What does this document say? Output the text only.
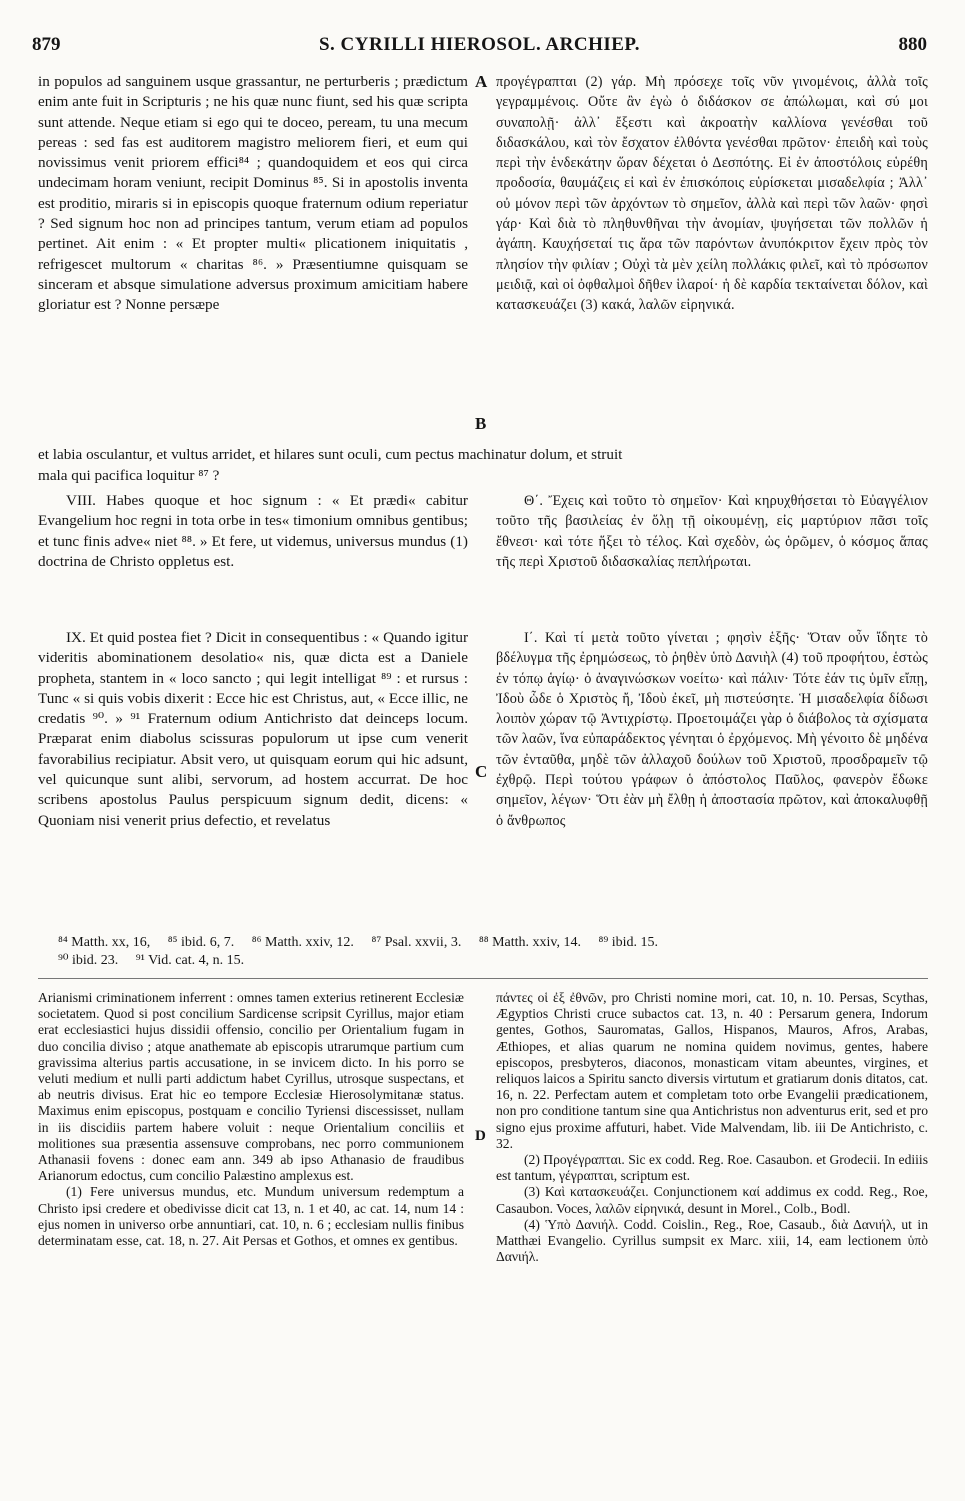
879	S. CYRILLI HIEROSOL. ARCHIEP.	880

in populos ad sanguinem usque grassantur, ne perturberis ; prædictum enim ante fuit in Scripturis ; ne his quæ nunc fiunt, sed his quæ scripta sunt attende. Neque etiam si ego qui te doceo, peream, tu una mecum pereas : sed fas est auditorem magistro meliorem fieri, et eum qui novissimus venit priorem effici⁸⁴ ; quandoquidem et eos qui circa undecimam horam veniunt, recipit Dominus ⁸⁵. Si in apostolis inventa est proditio, miraris si in episcopis quoque fraternum odium reperiatur ? Sed signum hoc non ad principes tantum, verum etiam ad populos pertinet. Ait enim : « Et propter multi« plicationem iniquitatis , refrigescet multorum « charitas ⁸⁶. » Præsentiumne quisquam se sinceram et absque simulatione adversus proximum amicitiam habere gloriatur est ? Nonne persæpe

A προγέγραπται (2) γάρ. Μὴ πρόσεχε τοῖς νῦν γινομένοις, ἀλλὰ τοῖς γεγραμμένοις. Οὔτε ἂν ἐγὼ ὁ διδάσκον σε ἀπώλωμαι, καὶ σύ μοι συναπολῇ· ἀλλ᾽ ἔξεστι καὶ ἀκροατὴν καλλίονα γενέσθαι τοῦ διδασκάλου, καὶ τὸν ἔσχατον ἐλθόντα γενέσθαι πρῶτον· ἐπειδὴ καὶ τοὺς περὶ τὴν ἑνδεκάτην ὥραν δέχεται ὁ Δεσπότης. Εἰ ἐν ἀποστόλοις εὑρέθη προδοσία, θαυμάζεις εἰ καὶ ἐν ἐπισκόποις εὑρίσκεται μισαδελφία ; Ἀλλ᾽ οὐ μόνον περὶ τῶν ἀρχόντων τὸ σημεῖον, ἀλλὰ καὶ περὶ τῶν λαῶν· φησὶ γάρ· Καὶ διὰ τὸ πληθυνθῆναι τὴν ἀνομίαν, ψυγήσεται τῶν πολλῶν ἡ ἀγάπη. Καυχήσεταί τις ἄρα τῶν παρόντων ἀνυπόκριτον ἔχειν πρὸς τὸν πλησίον τὴν φιλίαν ; Οὐχὶ τὰ μὲν χείλη πολλάκις φιλεῖ, καὶ τὸ πρόσωπον μειδιᾷ, καὶ οἱ ὀφθαλμοὶ δῆθεν ἱλαροί· ἡ δὲ καρδία τεκταίνεται δόλον, καὶ κατασκευάζει (3) κακά, λαλῶν εἰρηνικά.

B
et labia osculantur, et vultus arridet, et hilares sunt oculi, cum pectus machinatur dolum, et struit
mala qui pacifica loquitur ⁸⁷ ?

VIII. Habes quoque et hoc signum : « Et prædi« cabitur Evangelium hoc regni in tota orbe in tes« timonium omnibus gentibus; et tunc finis adve« niet ⁸⁸. » Et fere, ut videmus, universus mundus (1) doctrina de Christo oppletus est.

Θ΄. Ἔχεις καὶ τοῦτο τὸ σημεῖον· Καὶ κηρυχθήσεται τὸ Εὐαγγέλιον τοῦτο τῆς βασιλείας ἐν ὅλῃ τῇ οἰκουμένῃ, εἰς μαρτύριον πᾶσι τοῖς ἔθνεσι· καὶ τότε ἥξει τὸ τέλος. Καὶ σχεδὸν, ὡς ὁρῶμεν, ὁ κόσμος ἅπας τῆς περὶ Χριστοῦ διδασκαλίας πεπλήρωται.

IX. Et quid postea fiet ? Dicit in consequentibus : « Quando igitur videritis abominationem desolatio« nis, quæ dicta est a Daniele propheta, stantem in « loco sancto ; qui legit intelligat ⁸⁹ : et rursus : Tunc « si quis vobis dixerit : Ecce hic est Christus, aut, « Ecce illic, ne credatis ⁹⁰. » ⁹¹ Fraternum odium Antichristo dat deinceps locum. Præparat enim diabolus scissuras populorum ut ipse cum venerit favorabilius recipiatur. Absit vero, ut quisquam eorum qui hic adsunt, vel quicunque sunt alibi, servorum, ad hostem accurrat. De hoc scribens apostolus Paulus perspicuum signum dedit, dicens: « Quoniam nisi venerit prius defectio, et revelatus

C

Ι΄. Καὶ τί μετὰ τοῦτο γίνεται ; φησὶν ἑξῆς· Ὅταν οὖν ἴδητε τὸ βδέλυγμα τῆς ἐρημώσεως, τὸ ῥηθὲν ὑπὸ Δανιὴλ (4) τοῦ προφήτου, ἑστὼς ἐν τόπῳ ἁγίῳ· ὁ ἀναγινώσκων νοείτω· καὶ πάλιν· Τότε ἐάν τις ὑμῖν εἴπῃ, Ἰδοὺ ὧδε ὁ Χριστὸς ἤ, Ἰδοὺ ἐκεῖ, μὴ πιστεύσητε. Ἡ μισαδελφία δίδωσι λοιπὸν χώραν τῷ Ἀντιχρίστῳ. Προετοιμάζει γὰρ ὁ διάβολος τὰ σχίσματα τῶν λαῶν, ἵνα εὐπαράδεκτος γένηται ὁ ἐρχόμενος. Μὴ γένοιτο δὲ μηδένα τῶν ἐνταῦθα, μηδὲ τῶν ἀλλαχοῦ δούλων τοῦ Χριστοῦ, προσδραμεῖν τῷ ἐχθρῷ. Περὶ τούτου γράφων ὁ ἀπόστολος Παῦλος, φανερὸν ἔδωκε σημεῖον, λέγων· Ὅτι ἐὰν μὴ ἔλθῃ ἡ ἀποστασία πρῶτον, καὶ ἀποκαλυφθῇ ὁ ἄνθρωπος

⁸⁴ Matth. xx, 16, ⁸⁵ ibid. 6, 7. ⁸⁶ Matth. xxiv, 12. ⁸⁷ Psal. xxvii, 3. ⁸⁸ Matth. xxiv, 14. ⁸⁹ ibid. 15.
⁹⁰ ibid. 23. ⁹¹ Vid. cat. 4, n. 15.

Arianismi criminationem inferrent : omnes tamen exterius retinerent Ecclesiæ societatem. Quod si post concilium Sardicense scripsit Cyrillus, major etiam erat ecclesiastici hujus dissidii offensio, concilio per Orientalium fugam in duo concilia diviso ; atque anathemate ab episcopis utrarumque partium cum gravissima alterius partis accusatione, in se invicem dicto. In his porro se veluti medium et nulli parti addictum habet Cyrillus, utrosque suspectans, et ab neutris divisus. Erat hic eo tempore Ecclesiæ Hierosolymitanæ status. Maximus enim episcopus, postquam e concilio Tyriensi discessisset, nullam in iis discidiis partem habere voluit : neque Orientalium conciliis et molitiones sua præsentia assensuve comprobans, nec porro communionem Athanasii fovens : donec eam ann. 349 ab ipso Athanasio de fraudibus Arianorum edoctus, cum concilio Palæstino amplexus est.

(1) Fere universus mundus, etc. Mundum universum redemptum a Christo ipsi credere et obedivisse dicit cat 13, n. 1 et 40, ac cat. 14, num 14 : ejus nomen in universo orbe annuntiari, cat. 10, n. 6 ; ecclesiam nullis finibus determinatam esse, cat. 18, n. 27. Ait Persas et Gothos, et omnes ex gentibus.

D

πάντες οἱ ἐξ ἐθνῶν, pro Christi nomine mori, cat. 10, n. 10. Persas, Scythas, Ægyptios Christi cruce subactos cat. 13, n. 40 : Persarum genera, Indorum gentes, Gothos, Sauromatas, Gallos, Hispanos, Mauros, Afros, Arabas, Æthiopes, et alias quarum ne nomina quidem novimus, gentes, habere episcopos, presbyteros, diaconos, monasticam vitam abeuntes, virgines, et reliquos laicos a Spiritu sancto diversis virtutum et gratiarum donis ditatos, cat. 16, n. 22. Perfectam autem et completam toto orbe Evangelii prædicationem, non pro conditione tantum sine qua Antichristus non adventurus erit, sed et pro signo ejus proxime affuturi, habet. Vide Malvendam, lib. iii De Antichristo, c. 32.

(2) Προγέγραπται. Sic ex codd. Reg. Roe. Casaubon. et Grodecii. In ediiis est tantum, γέγραπται, scriptum est.

(3) Καὶ κατασκευάζει. Conjunctionem καί addimus ex codd. Reg., Roe, Casaubon. Voces, λαλῶν εἰρηνικά, desunt in Morel., Colb., Bodl.

(4) Ὑπὸ Δανιήλ. Codd. Coislin., Reg., Roe, Casaub., διὰ Δανιήλ, ut in Matthæi Evangelio. Cyrillus sumpsit ex Marc. xiii, 14, eam lectionem ὑπὸ Δανιήλ.
